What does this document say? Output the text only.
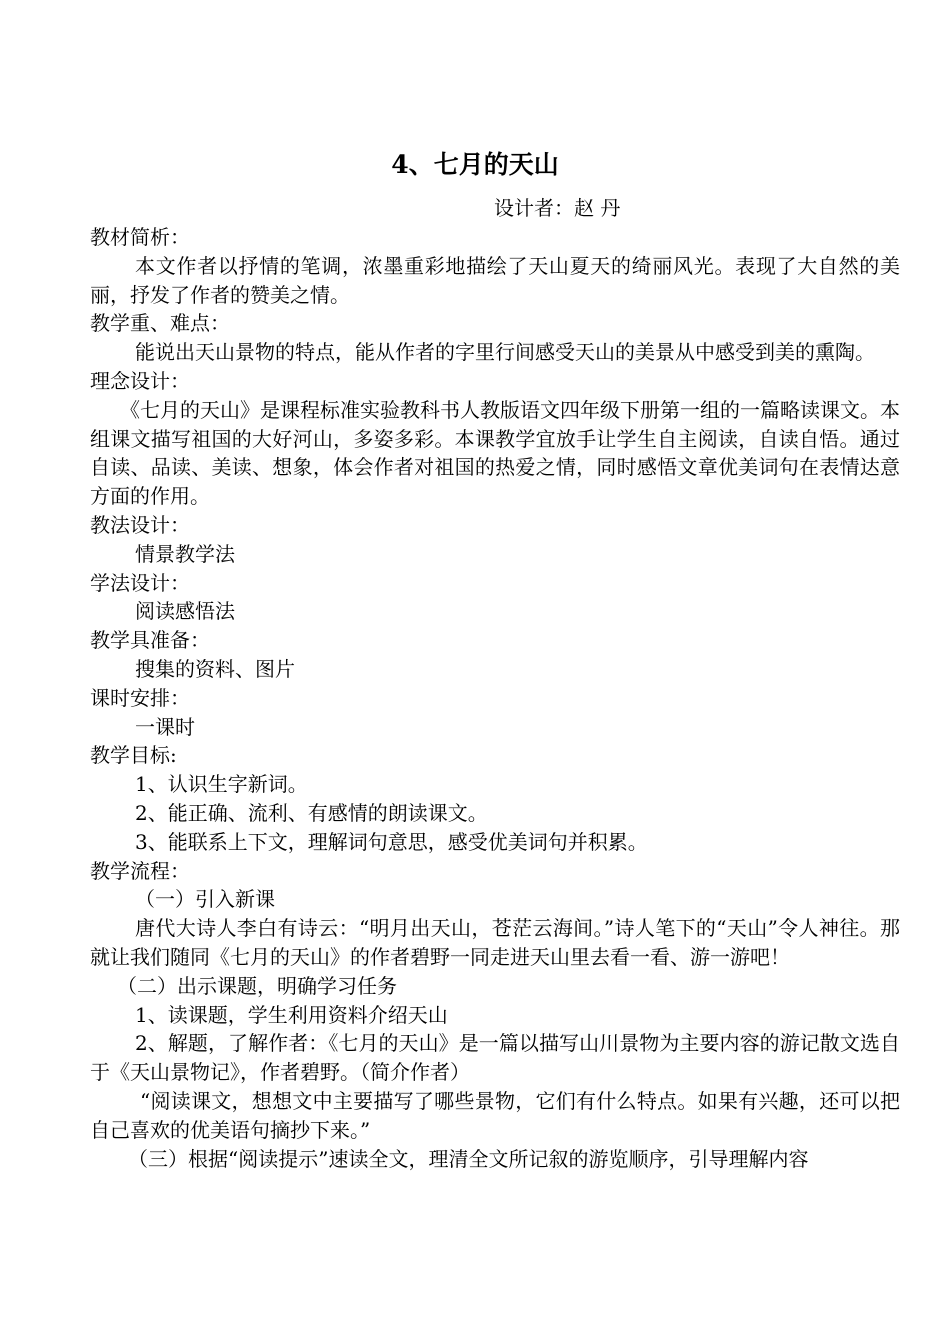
4、七月的天山
设计者：赵 丹

教材简析：

本文作者以抒情的笔调，浓墨重彩地描绘了天山夏天的绮丽风光。表现了大自然的美丽，抒发了作者的赞美之情。

教学重、难点：

能说出天山景物的特点，能从作者的字里行间感受天山的美景从中感受到美的熏陶。

理念设计：

《七月的天山》是课程标准实验教科书人教版语文四年级下册第一组的一篇略读课文。本组课文描写祖国的大好河山，多姿多彩。本课教学宜放手让学生自主阅读，自读自悟。通过自读、品读、美读、想象，体会作者对祖国的热爱之情，同时感悟文章优美词句在表情达意方面的作用。

教法设计：

情景教学法

学法设计：

阅读感悟法

教学具准备：

搜集的资料、图片

课时安排：

一课时

教学目标:

1、认识生字新词。

2、能正确、流利、有感情的朗读课文。

3、能联系上下文，理解词句意思，感受优美词句并积累。

教学流程：

（一）引入新课

唐代大诗人李白有诗云：“明月出天山，苍茫云海间。”诗人笔下的“天山”令人神往。那就让我们随同《七月的天山》的作者碧野一同走进天山里去看一看、游一游吧！

（二）出示课题，明确学习任务

1、读课题，学生利用资料介绍天山

2、解题，了解作者：《七月的天山》是一篇以描写山川景物为主要内容的游记散文选自于《天山景物记》，作者碧野。（简介作者）

“阅读课文，想想文中主要描写了哪些景物，它们有什么特点。如果有兴趣，还可以把自己喜欢的优美语句摘抄下来。”

（三）根据“阅读提示”速读全文，理清全文所记叙的游览顺序，引导理解内容
